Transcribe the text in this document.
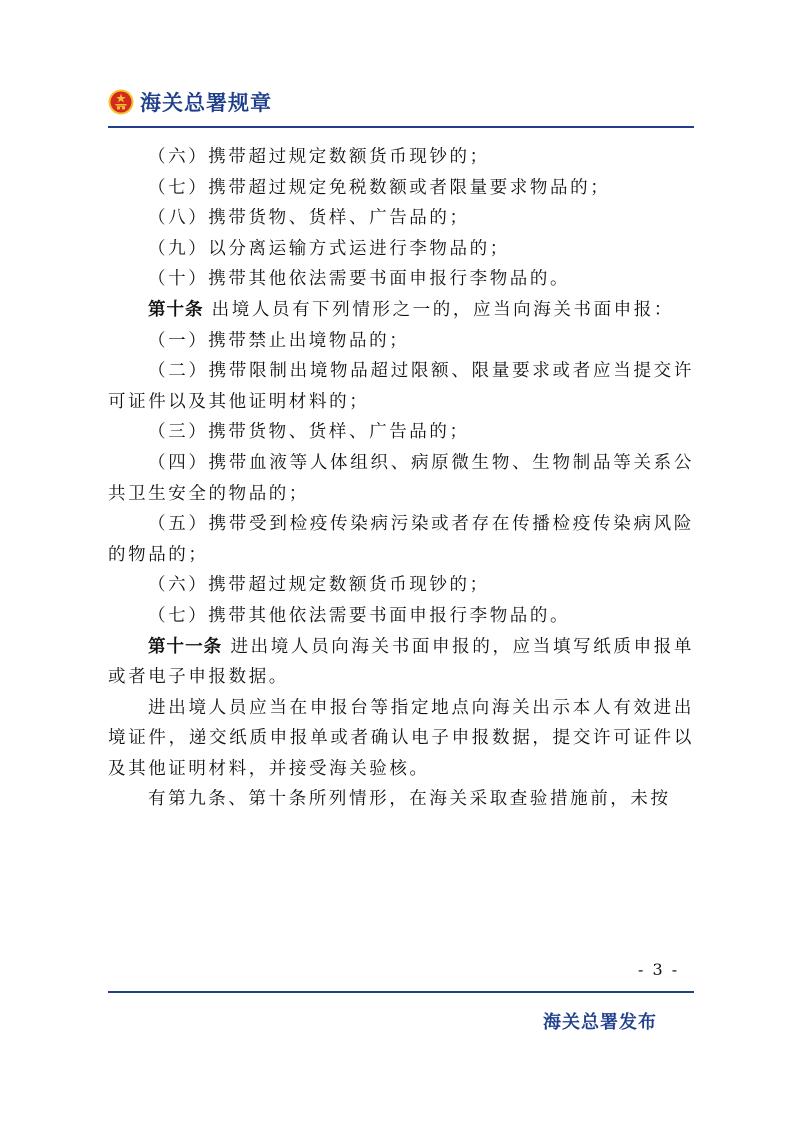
海关总署规章

（六）携带超过规定数额货币现钞的；

（七）携带超过规定免税数额或者限量要求物品的；

（八）携带货物、货样、广告品的；

（九）以分离运输方式运进行李物品的；

（十）携带其他依法需要书面申报行李物品的。

第十条 出境人员有下列情形之一的，应当向海关书面申报：

（一）携带禁止出境物品的；

（二）携带限制出境物品超过限额、限量要求或者应当提交许可证件以及其他证明材料的；

（三）携带货物、货样、广告品的；

（四）携带血液等人体组织、病原微生物、生物制品等关系公共卫生安全的物品的；

（五）携带受到检疫传染病污染或者存在传播检疫传染病风险的物品的；

（六）携带超过规定数额货币现钞的；

（七）携带其他依法需要书面申报行李物品的。

第十一条 进出境人员向海关书面申报的，应当填写纸质申报单或者电子申报数据。

进出境人员应当在申报台等指定地点向海关出示本人有效进出境证件，递交纸质申报单或者确认电子申报数据，提交许可证件以及其他证明材料，并接受海关验核。

有第九条、第十条所列情形，在海关采取查验措施前，未按

- 3 -
海关总署发布
